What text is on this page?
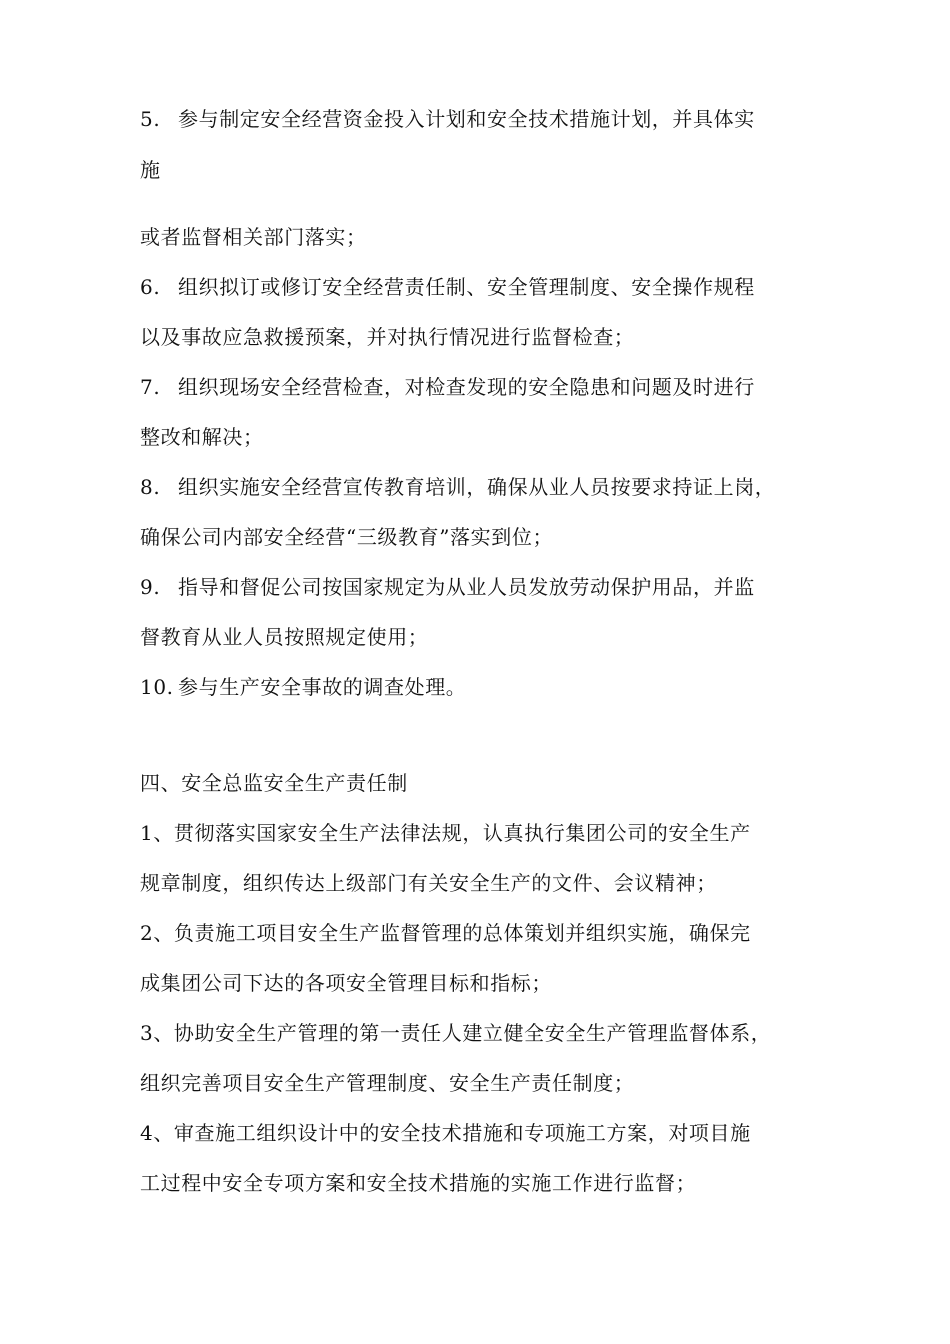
5. 参与制定安全经营资金投入计划和安全技术措施计划，并具体实
施
或者监督相关部门落实；
6. 组织拟订或修订安全经营责任制、安全管理制度、安全操作规程
以及事故应急救援预案，并对执行情况进行监督检查；
7. 组织现场安全经营检查，对检查发现的安全隐患和问题及时进行
整改和解决；
8. 组织实施安全经营宣传教育培训，确保从业人员按要求持证上岗，
确保公司内部安全经营“三级教育”落实到位；
9. 指导和督促公司按国家规定为从业人员发放劳动保护用品，并监
督教育从业人员按照规定使用；
10. 参与生产安全事故的调查处理。
四、安全总监安全生产责任制
1、贯彻落实国家安全生产法律法规，认真执行集团公司的安全生产
规章制度，组织传达上级部门有关安全生产的文件、会议精神；
2、负责施工项目安全生产监督管理的总体策划并组织实施，确保完
成集团公司下达的各项安全管理目标和指标；
3、协助安全生产管理的第一责任人建立健全安全生产管理监督体系，
组织完善项目安全生产管理制度、安全生产责任制度；
4、审查施工组织设计中的安全技术措施和专项施工方案，对项目施
工过程中安全专项方案和安全技术措施的实施工作进行监督；
